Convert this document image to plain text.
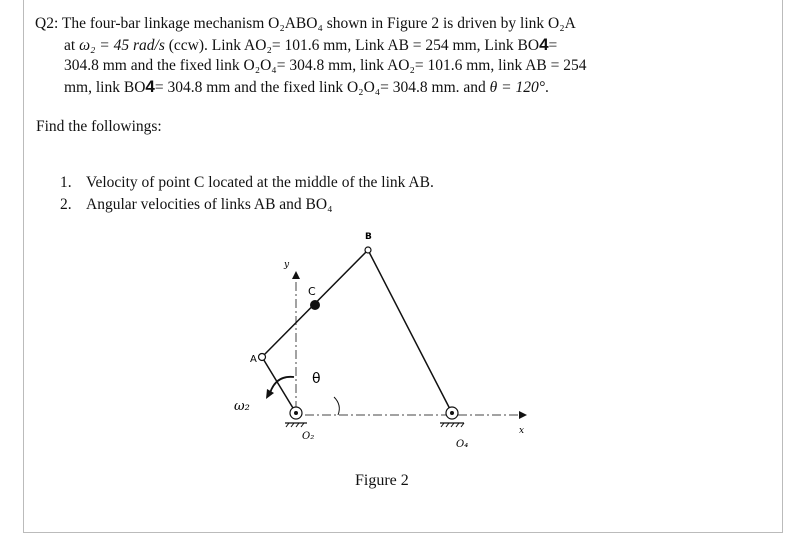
Q2: The four-bar linkage mechanism O₂ABO₄ shown in Figure 2 is driven by link O₂A

at ω₂ = 45 rad/s (ccw). Link AO₂= 101.6 mm, Link AB = 254 mm, Link BO4=

304.8 mm and the fixed link O₂O₄= 304.8 mm, link AO₂= 101.6 mm, link AB = 254

mm, link BO4= 304.8 mm and the fixed link O₂O₄= 304.8 mm. and θ = 120°.

Find the followings:
1. Velocity of point C located at the middle of the link AB.
2. Angular velocities of links AB and BO₄
B
C
A
y
x
θ
ω₂
O₂
O₄
Figure 2
